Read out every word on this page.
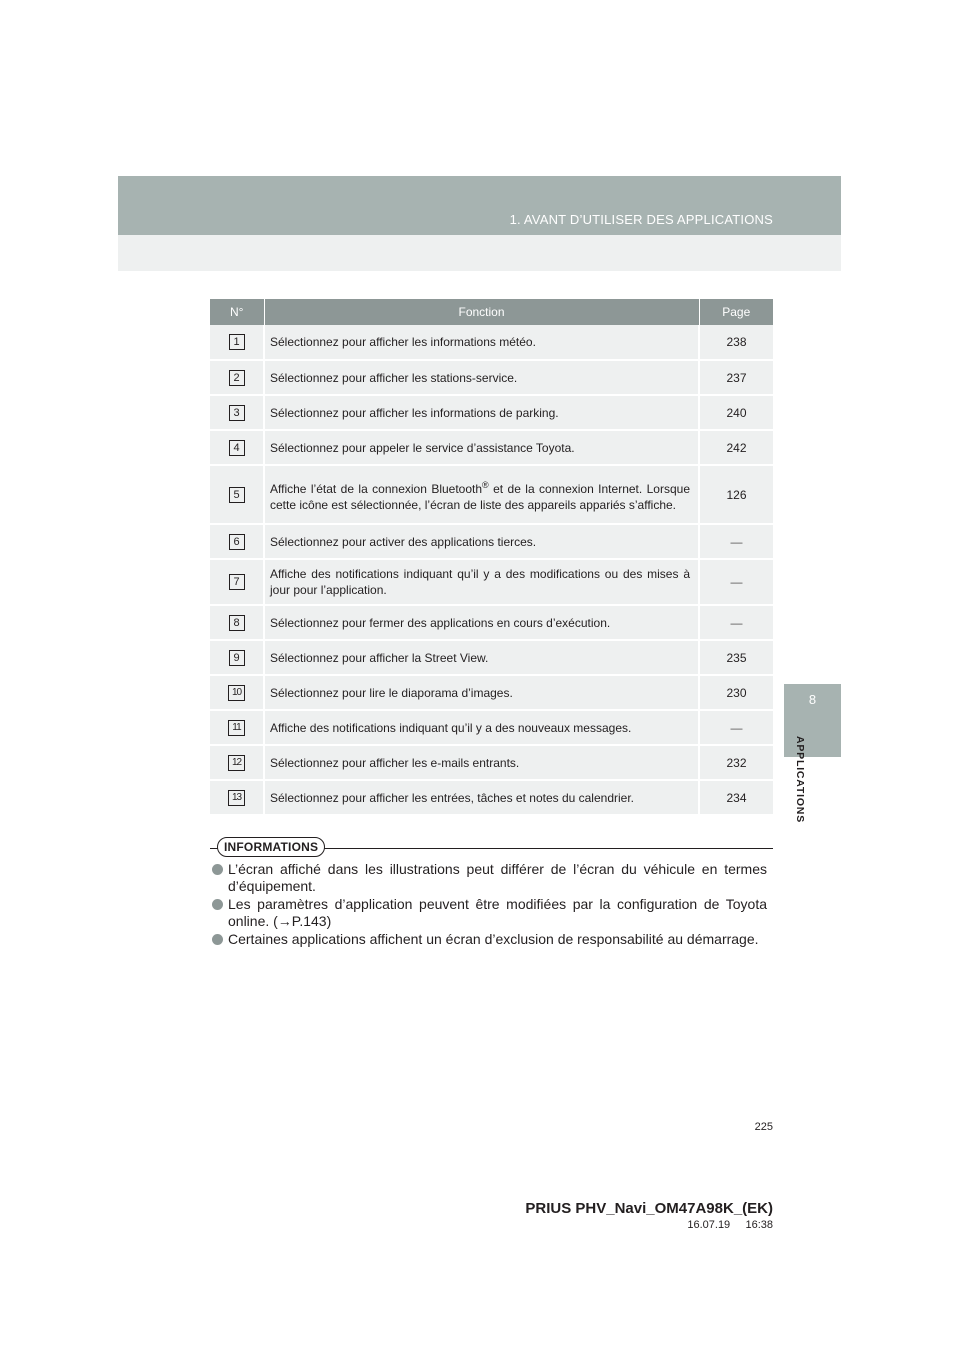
1. AVANT D’UTILISER DES APPLICATIONS
8
APPLICATIONS
N°	Fonction	Page
1	Sélectionnez pour afficher les informations météo.	238
2	Sélectionnez pour afficher les stations-service.	237
3	Sélectionnez pour afficher les informations de parking.	240
4	Sélectionnez pour appeler le service d’assistance Toyota.	242
5	Affiche l’état de la connexion Bluetooth® et de la connexion Internet. Lorsque cette icône est sélectionnée, l’écran de liste des appareils appariés s’affiche.	126
6	Sélectionnez pour activer des applications tierces.	—
7	Affiche des notifications indiquant qu’il y a des modifications ou des mises à jour pour l’application.	—
8	Sélectionnez pour fermer des applications en cours d’exécution.	—
9	Sélectionnez pour afficher la Street View.	235
10	Sélectionnez pour lire le diaporama d’images.	230
11	Affiche des notifications indiquant qu’il y a des nouveaux messages.	—
12	Sélectionnez pour afficher les e-mails entrants.	232
13	Sélectionnez pour afficher les entrées, tâches et notes du calendrier.	234
INFORMATIONS
L’écran affiché dans les illustrations peut différer de l’écran du véhicule en termes d’équipement.
Les paramètres d’application peuvent être modifiées par la configuration de Toyota online. (→P.143)
Certaines applications affichent un écran d’exclusion de responsabilité au démarrage.
225
PRIUS PHV_Navi_OM47A98K_(EK)
16.07.19     16:38
